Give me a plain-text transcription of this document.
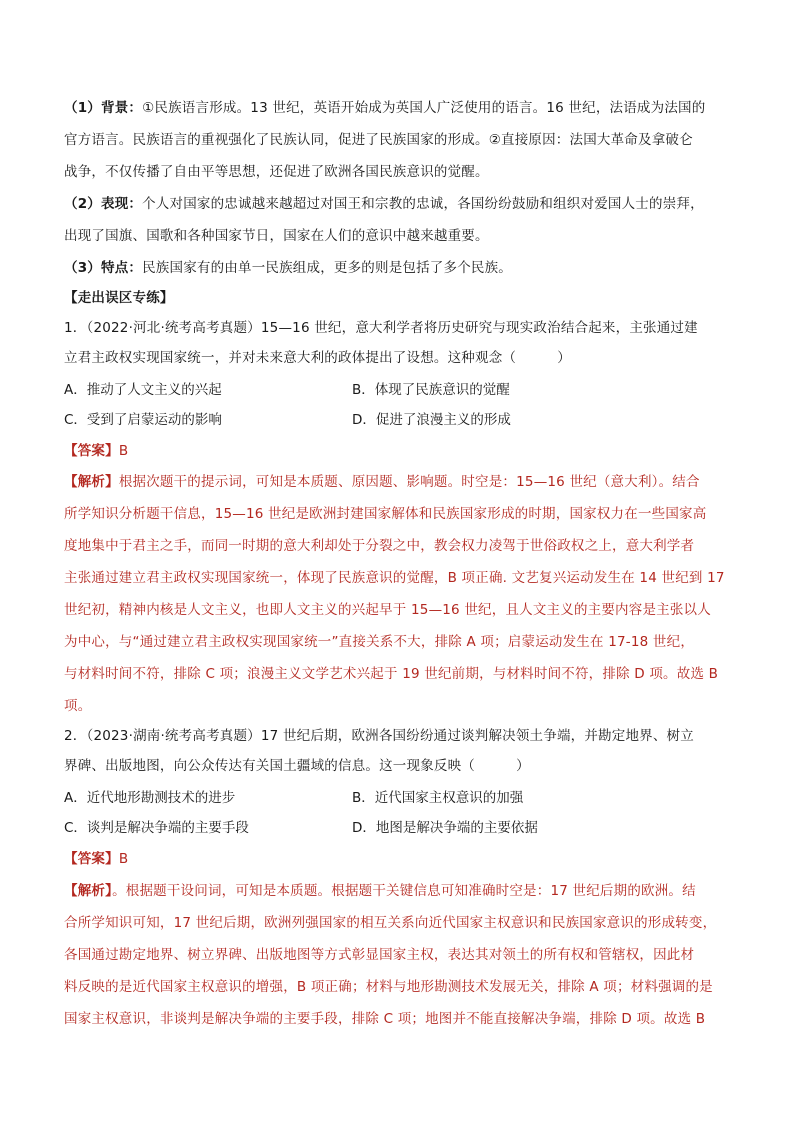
（1）背景：①民族语言形成。13 世纪，英语开始成为英国人广泛使用的语言。16 世纪，法语成为法国的
官方语言。民族语言的重视强化了民族认同，促进了民族国家的形成。②直接原因：法国大革命及拿破仑
战争，不仅传播了自由平等思想，还促进了欧洲各国民族意识的觉醒。
（2）表现：个人对国家的忠诚越来越超过对国王和宗教的忠诚，各国纷纷鼓励和组织对爱国人士的崇拜，
出现了国旗、国歌和各种国家节日，国家在人们的意识中越来越重要。
（3）特点：民族国家有的由单一民族组成，更多的则是包括了多个民族。
【走出误区专练】
1．（2022·河北·统考高考真题）15—16 世纪，意大利学者将历史研究与现实政治结合起来，主张通过建
立君主政权实现国家统一，并对未来意大利的政体提出了设想。这种观念（　　　）
A．推动了人文主义的兴起	B．体现了民族意识的觉醒
C．受到了启蒙运动的影响	D．促进了浪漫主义的形成
【答案】B
【解析】根据次题干的提示词，可知是本质题、原因题、影响题。时空是：15—16 世纪（意大利）。结合
所学知识分析题干信息，15—16 世纪是欧洲封建国家解体和民族国家形成的时期，国家权力在一些国家高
度地集中于君主之手，而同一时期的意大利却处于分裂之中，教会权力凌驾于世俗政权之上，意大利学者
主张通过建立君主政权实现国家统一，体现了民族意识的觉醒，B 项正确. 文艺复兴运动发生在 14 世纪到 17
世纪初，精神内核是人文主义，也即人文主义的兴起早于 15—16 世纪，且人文主义的主要内容是主张以人
为中心，与“通过建立君主政权实现国家统一”直接关系不大，排除 A 项；启蒙运动发生在 17-18 世纪，
与材料时间不符，排除 C 项；浪漫主义文学艺术兴起于 19 世纪前期，与材料时间不符，排除 D 项。故选 B
项。
2．（2023·湖南·统考高考真题）17 世纪后期，欧洲各国纷纷通过谈判解决领土争端，并勘定地界、树立
界碑、出版地图，向公众传达有关国土疆域的信息。这一现象反映（　　　）
A．近代地形勘测技术的进步	B．近代国家主权意识的加强
C．谈判是解决争端的主要手段	D．地图是解决争端的主要依据
【答案】B
【解析】。根据题干设问词，可知是本质题。根据题干关键信息可知准确时空是：17 世纪后期的欧洲。结
合所学知识可知，17 世纪后期，欧洲列强国家的相互关系向近代国家主权意识和民族国家意识的形成转变，
各国通过勘定地界、树立界碑、出版地图等方式彰显国家主权，表达其对领土的所有权和管辖权，因此材
料反映的是近代国家主权意识的增强，B 项正确；材料与地形勘测技术发展无关，排除 A 项；材料强调的是
国家主权意识，非谈判是解决争端的主要手段，排除 C 项；地图并不能直接解决争端，排除 D 项。故选 B
